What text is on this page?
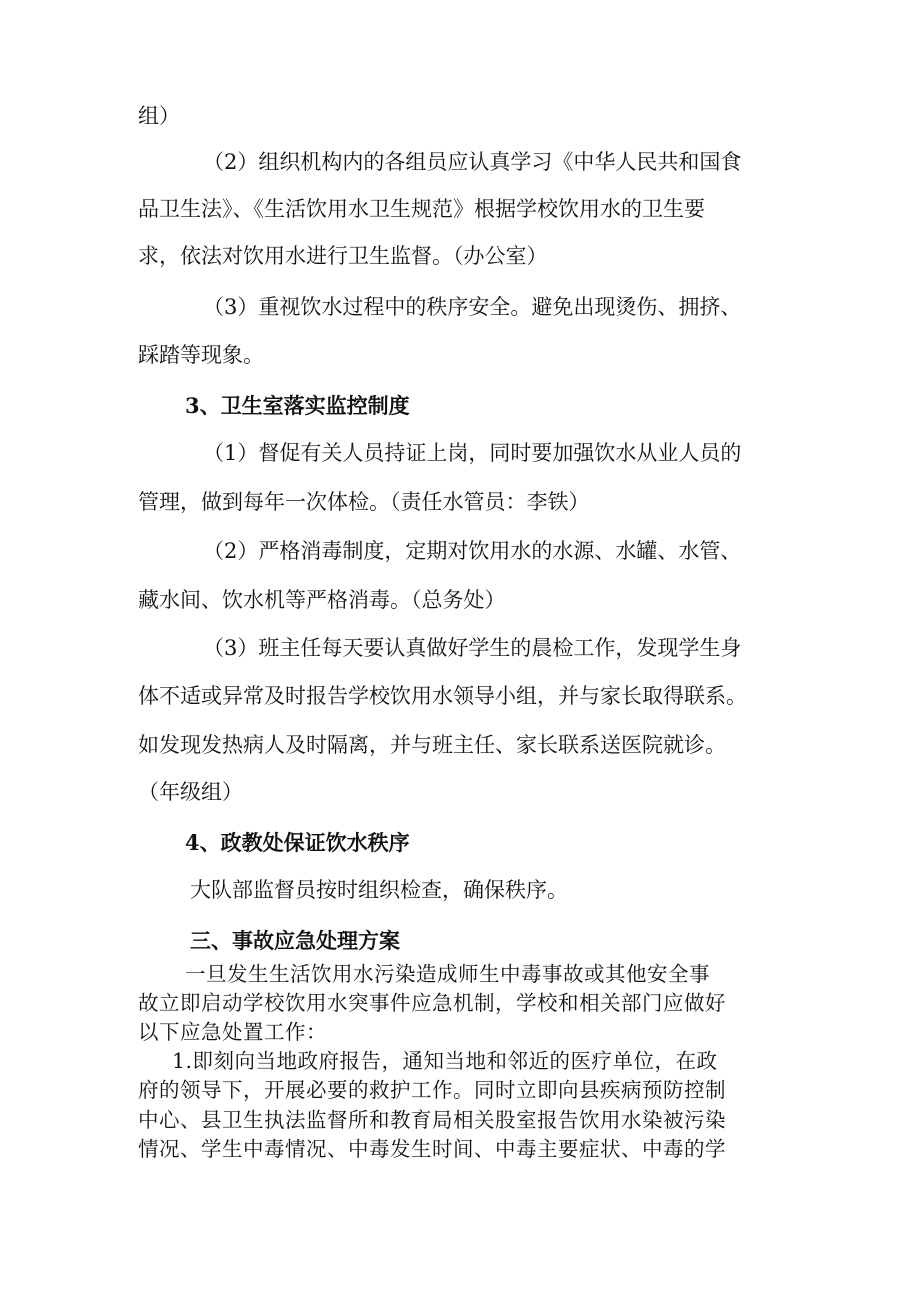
组）
（2）组织机构内的各组员应认真学习《中华人民共和国食
品卫生法》、《生活饮用水卫生规范》根据学校饮用水的卫生要
求，依法对饮用水进行卫生监督。（办公室）
（3）重视饮水过程中的秩序安全。避免出现烫伤、拥挤、
踩踏等现象。
3、卫生室落实监控制度
（1）督促有关人员持证上岗，同时要加强饮水从业人员的
管理，做到每年一次体检。（责任水管员：李铁）
（2）严格消毒制度，定期对饮用水的水源、水罐、水管、
藏水间、饮水机等严格消毒。（总务处）
（3）班主任每天要认真做好学生的晨检工作，发现学生身
体不适或异常及时报告学校饮用水领导小组，并与家长取得联系。
如发现发热病人及时隔离，并与班主任、家长联系送医院就诊。
（年级组）
4、政教处保证饮水秩序
大队部监督员按时组织检查，确保秩序。
三、事故应急处理方案
一旦发生生活饮用水污染造成师生中毒事故或其他安全事
故立即启动学校饮用水突事件应急机制，学校和相关部门应做好
以下应急处置工作：
1.即刻向当地政府报告，通知当地和邻近的医疗单位，在政
府的领导下，开展必要的救护工作。同时立即向县疾病预防控制
中心、县卫生执法监督所和教育局相关股室报告饮用水染被污染
情况、学生中毒情况、中毒发生时间、中毒主要症状、中毒的学
